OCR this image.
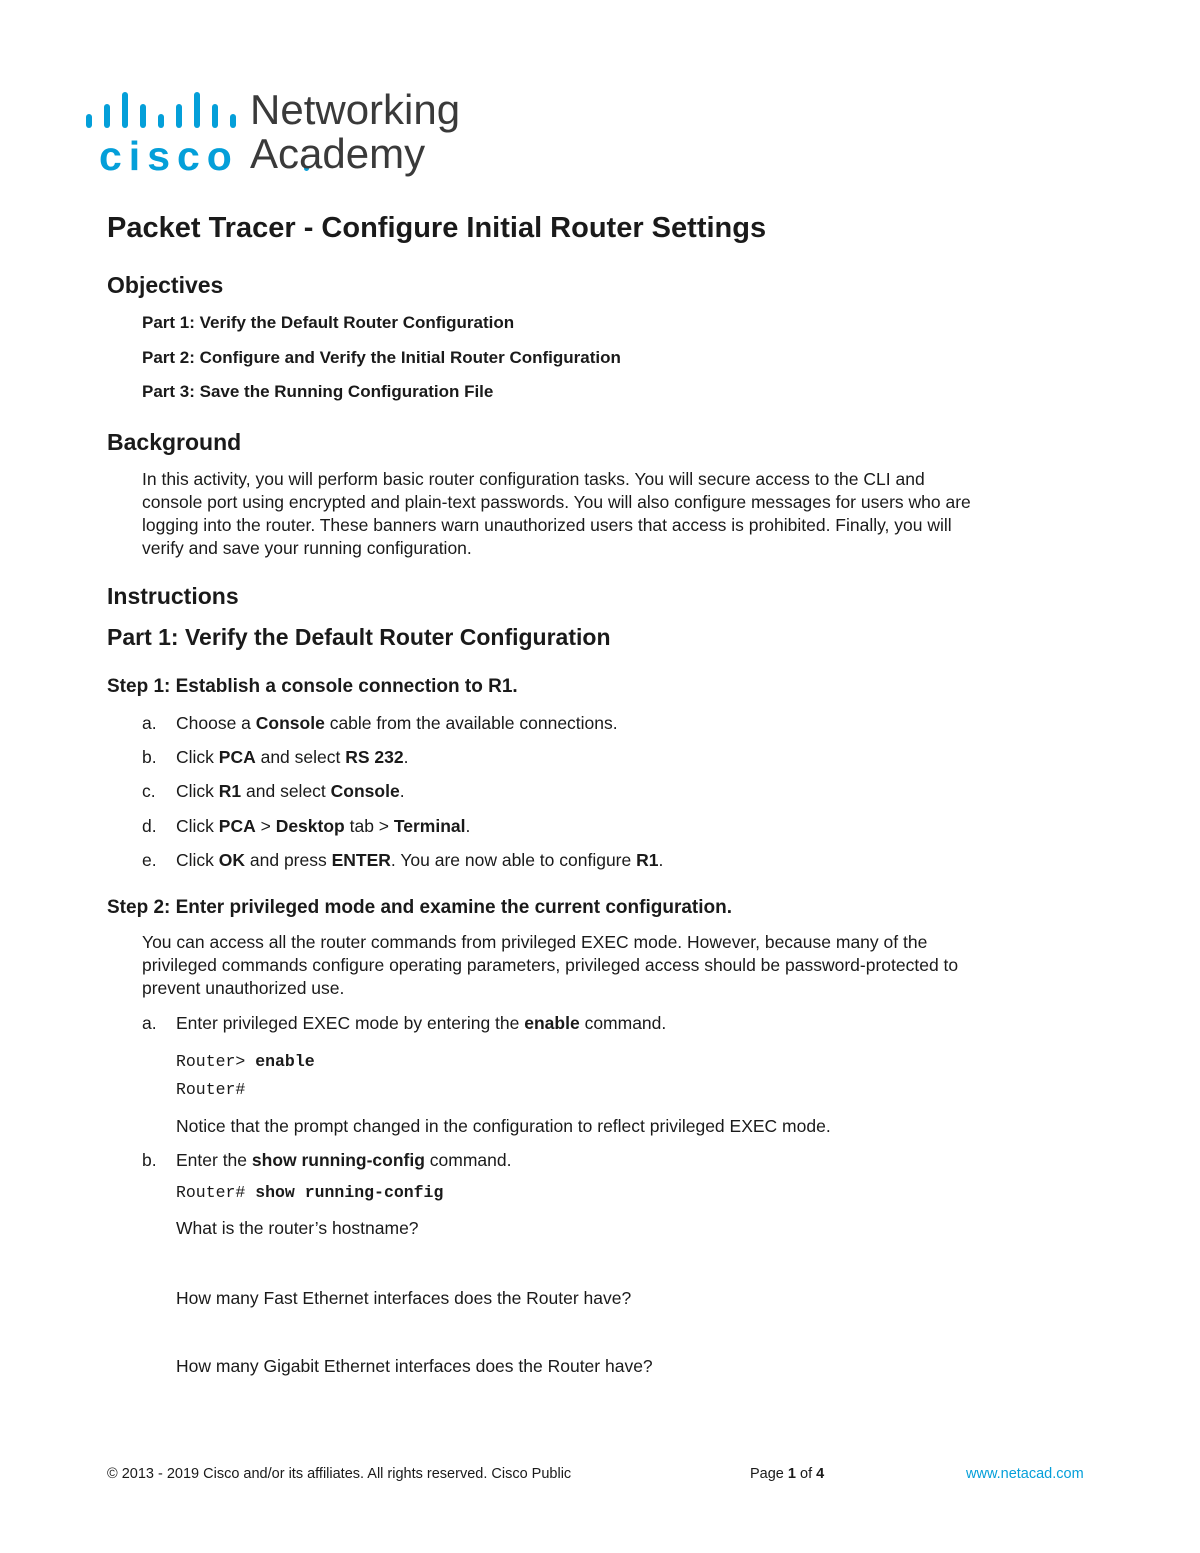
cisco
Networking
Academy
Packet Tracer - Configure Initial Router Settings
Objectives
Part 1: Verify the Default Router Configuration
Part 2: Configure and Verify the Initial Router Configuration
Part 3: Save the Running Configuration File
Background
In this activity, you will perform basic router configuration tasks. You will secure access to the CLI and
console port using encrypted and plain-text passwords. You will also configure messages for users who are
logging into the router. These banners warn unauthorized users that access is prohibited. Finally, you will
verify and save your running configuration.
Instructions
Part 1: Verify the Default Router Configuration
Step 1: Establish a console connection to R1.
a. Choose a Console cable from the available connections.
b. Click PCA and select RS 232.
c. Click R1 and select Console.
d. Click PCA > Desktop tab > Terminal.
e. Click OK and press ENTER. You are now able to configure R1.
Step 2: Enter privileged mode and examine the current configuration.
You can access all the router commands from privileged EXEC mode. However, because many of the
privileged commands configure operating parameters, privileged access should be password-protected to
prevent unauthorized use.
a. Enter privileged EXEC mode by entering the enable command.
Router> enable
Router#
Notice that the prompt changed in the configuration to reflect privileged EXEC mode.
b. Enter the show running-config command.
Router# show running-config
What is the router’s hostname?
How many Fast Ethernet interfaces does the Router have?
How many Gigabit Ethernet interfaces does the Router have?
© 2013 - 2019 Cisco and/or its affiliates. All rights reserved. Cisco Public	Page 1 of 4	www.netacad.com
